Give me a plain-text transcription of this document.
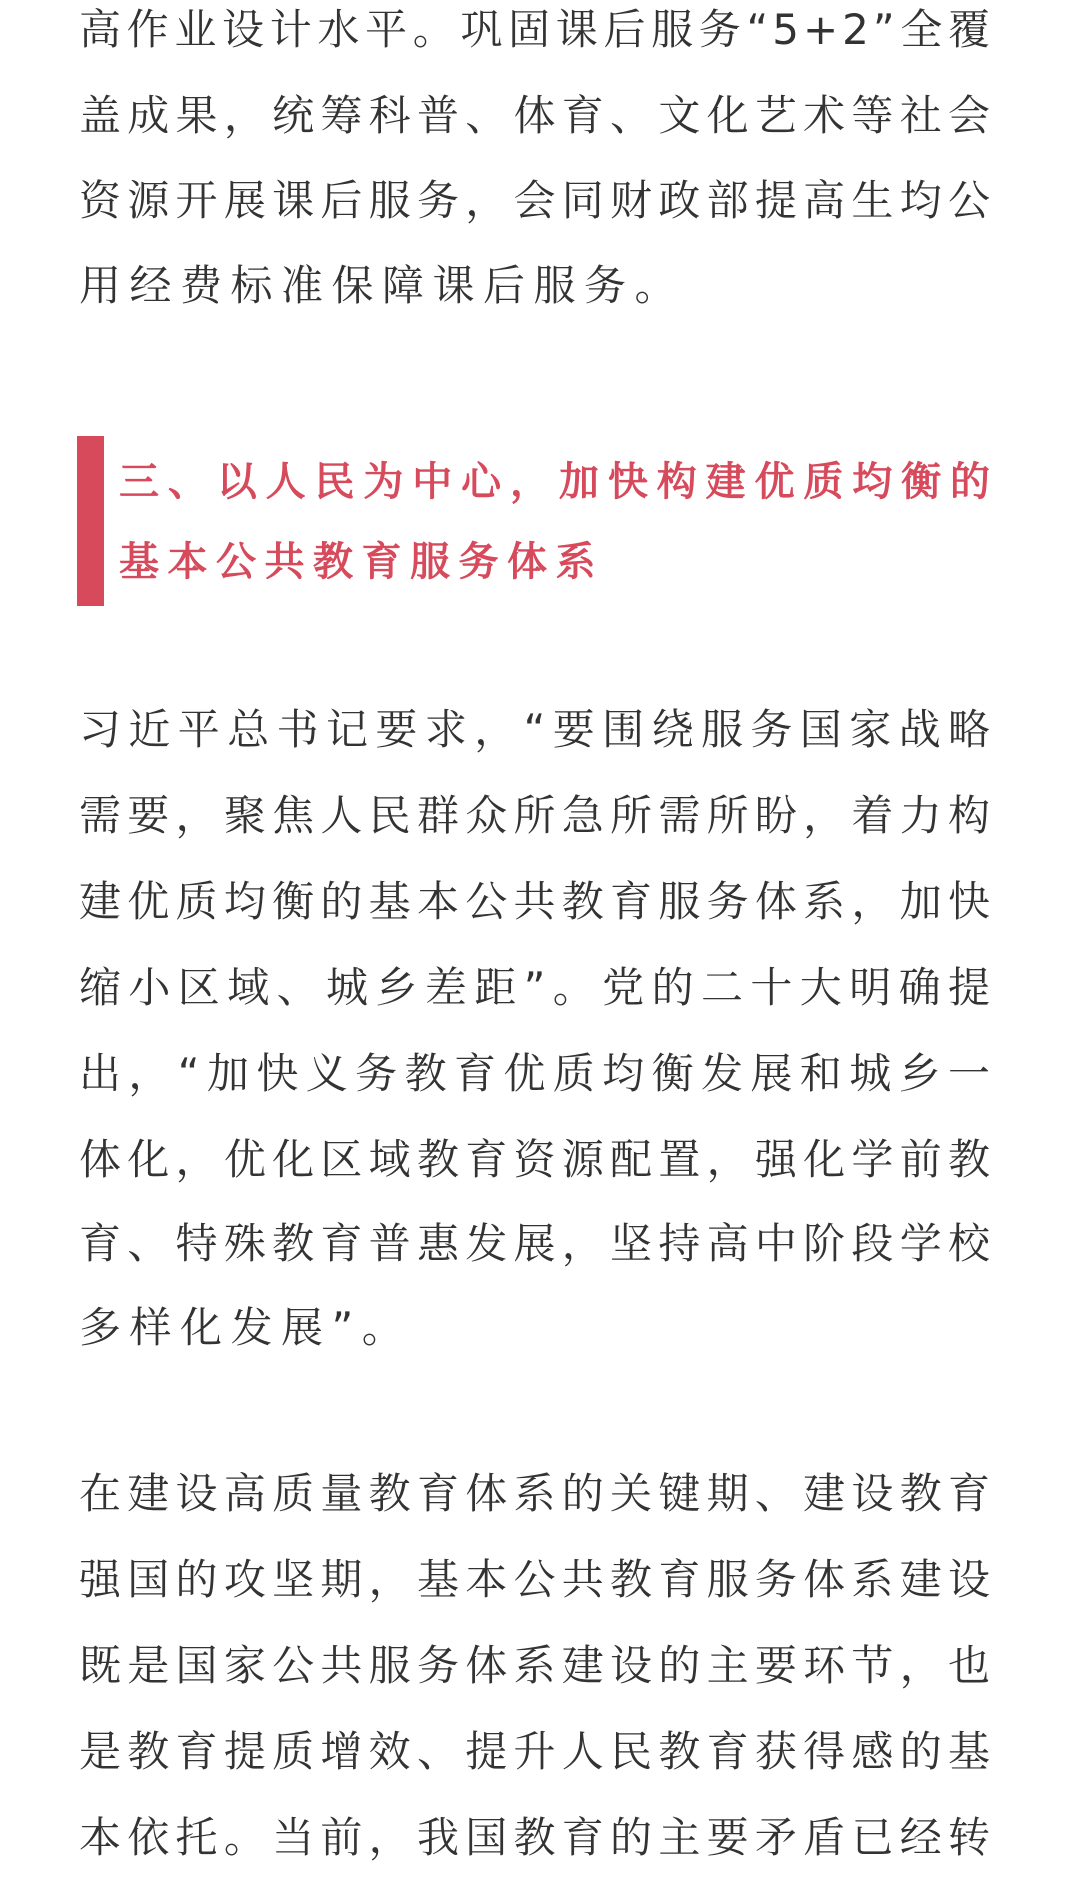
高作业设计水平。巩固课后服务“5+2”全覆
盖成果，统筹科普、体育、文化艺术等社会
资源开展课后服务，会同财政部提高生均公
用经费标准保障课后服务。
三、以人民为中心，加快构建优质均衡的
基本公共教育服务体系
习近平总书记要求，“要围绕服务国家战略
需要，聚焦人民群众所急所需所盼，着力构
建优质均衡的基本公共教育服务体系，加快
缩小区域、城乡差距”。党的二十大明确提
出，“加快义务教育优质均衡发展和城乡一
体化，优化区域教育资源配置，强化学前教
育、特殊教育普惠发展，坚持高中阶段学校
多样化发展”。
在建设高质量教育体系的关键期、建设教育
强国的攻坚期，基本公共教育服务体系建设
既是国家公共服务体系建设的主要环节，也
是教育提质增效、提升人民教育获得感的基
本依托。当前，我国教育的主要矛盾已经转
